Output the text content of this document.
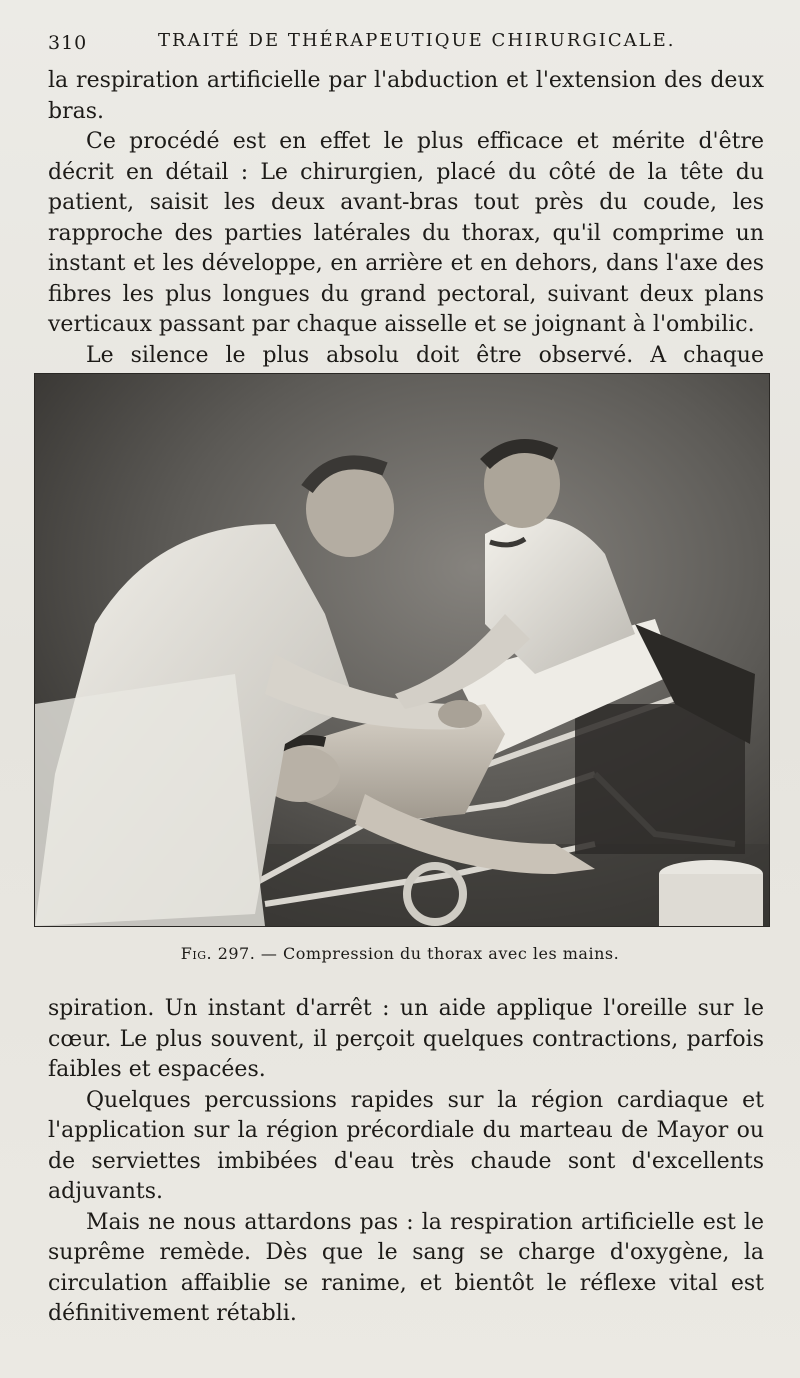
310	TRAITÉ DE THÉRAPEUTIQUE CHIRURGICALE.

la respiration artificielle par l'abduction et l'extension des deux bras.

Ce procédé est en effet le plus efficace et mérite d'être décrit en détail : Le chirurgien, placé du côté de la tête du patient, saisit les deux avant-bras tout près du coude, les rapproche des parties latérales du thorax, qu'il comprime un instant et les développe, en arrière et en dehors, dans l'axe des fibres les plus longues du grand pectoral, suivant deux plans verticaux passant par chaque aisselle et se joignant à l'ombilic.

Le silence le plus absolu doit être observé. A chaque

Fig. 297. — Compression du thorax avec les mains.

spiration. Un instant d'arrêt : un aide applique l'oreille sur le cœur. Le plus souvent, il perçoit quelques contractions, parfois faibles et espacées.

Quelques percussions rapides sur la région cardiaque et l'application sur la région précordiale du marteau de Mayor ou de serviettes imbibées d'eau très chaude sont d'excellents adjuvants.

Mais ne nous attardons pas : la respiration artificielle est le suprême remède. Dès que le sang se charge d'oxygène, la circulation affaiblie se ranime, et bientôt le réflexe vital est définitivement rétabli.
